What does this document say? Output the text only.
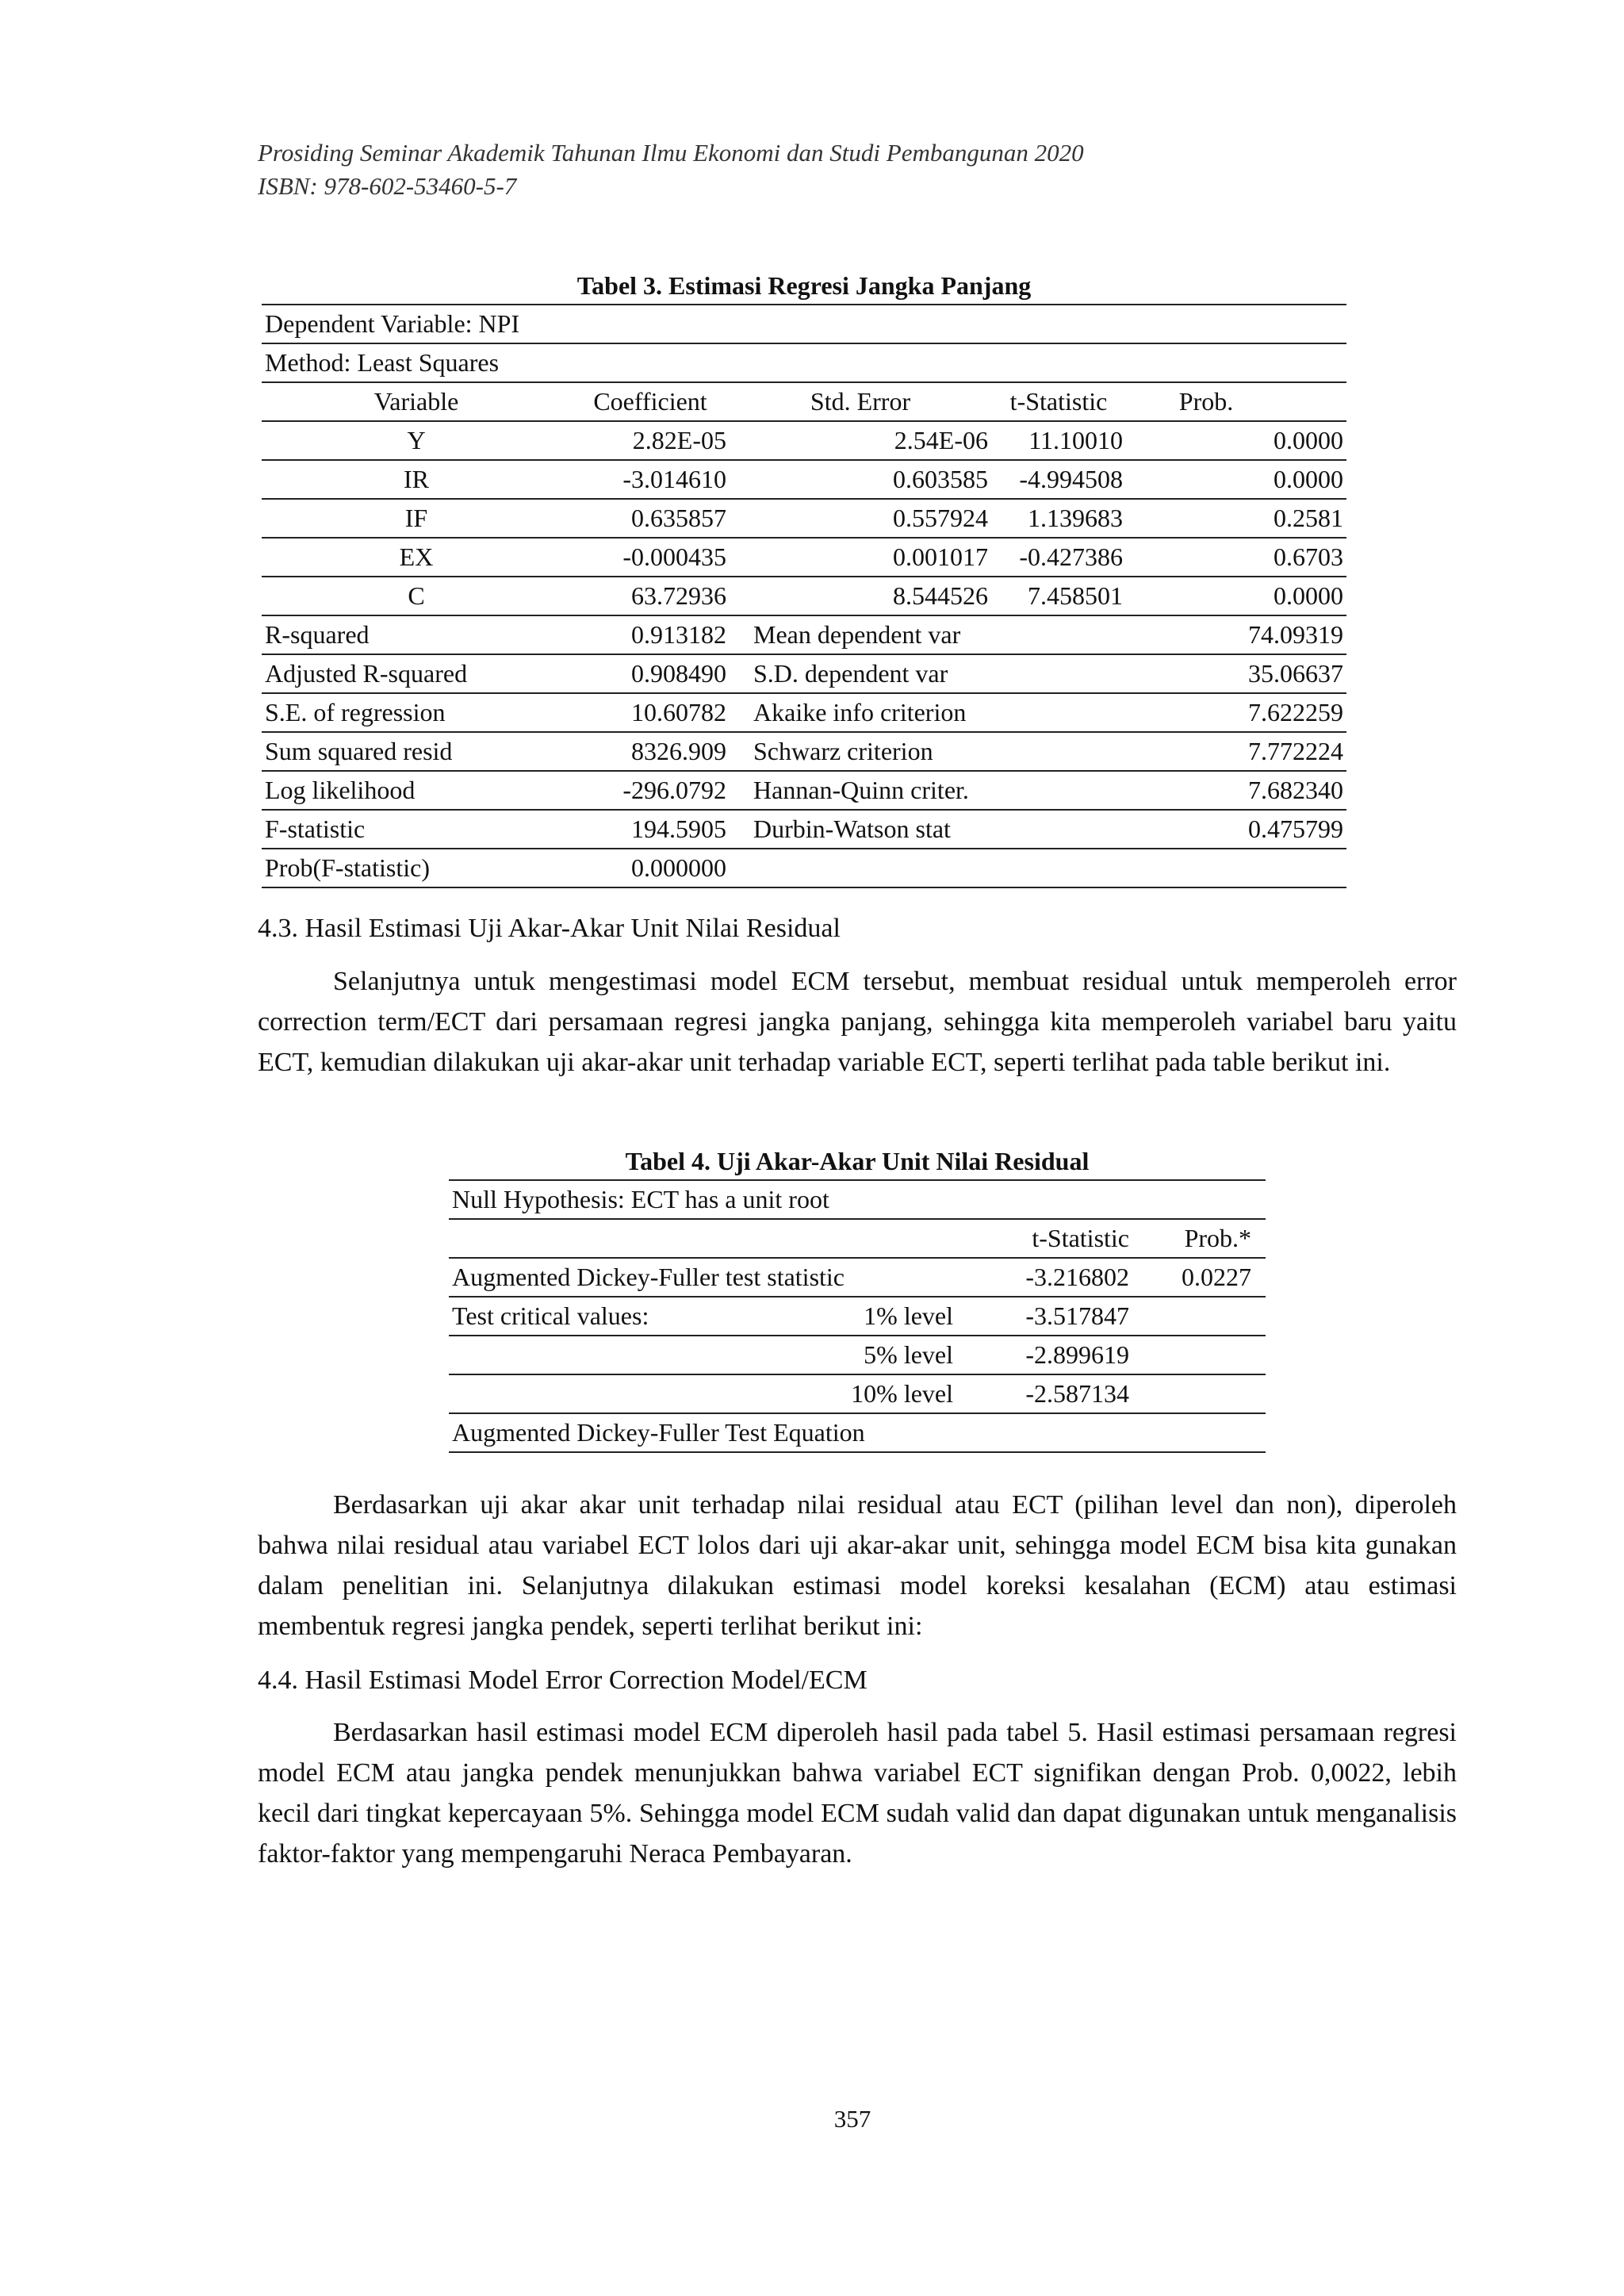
Prosiding Seminar Akademik Tahunan Ilmu Ekonomi dan Studi Pembangunan 2020
ISBN: 978-602-53460-5-7
Tabel 3. Estimasi Regresi Jangka Panjang
Dependent Variable: NPI				
Method: Least Squares				
Variable	Coefficient	Std. Error	t-Statistic	Prob.
Y	2.82E-05	2.54E-06	11.10010	0.0000
IR	-3.014610	0.603585	-4.994508	0.0000
IF	0.635857	0.557924	1.139683	0.2581
EX	-0.000435	0.001017	-0.427386	0.6703
C	63.72936	8.544526	7.458501	0.0000
R-squared	0.913182	Mean dependent var		74.09319
Adjusted R-squared	0.908490	S.D. dependent var		35.06637
S.E. of regression	10.60782	Akaike info criterion		7.622259
Sum squared resid	8326.909	Schwarz criterion		7.772224
Log likelihood	-296.0792	Hannan-Quinn criter.		7.682340
F-statistic	194.5905	Durbin-Watson stat		0.475799
Prob(F-statistic)	0.000000			
4.3. Hasil Estimasi Uji Akar-Akar Unit Nilai Residual

Selanjutnya untuk mengestimasi model ECM tersebut, membuat residual untuk memperoleh error correction term/ECT dari persamaan regresi jangka panjang, sehingga kita memperoleh variabel baru yaitu ECT, kemudian dilakukan uji akar-akar unit terhadap variable ECT, seperti terlihat pada table berikut ini.

Tabel 4. Uji Akar-Akar Unit Nilai Residual
Null Hypothesis: ECT has a unit root			
		t-Statistic	Prob.*
Augmented Dickey-Fuller test statistic		-3.216802	0.0227
Test critical values:	1% level	-3.517847	
	5% level	-2.899619	
	10% level	-2.587134	
Augmented Dickey-Fuller Test Equation			

Berdasarkan uji akar akar unit terhadap nilai residual atau ECT (pilihan level dan non), diperoleh bahwa nilai residual atau variabel ECT lolos dari uji akar-akar unit, sehingga model ECM bisa kita gunakan dalam penelitian ini. Selanjutnya dilakukan estimasi model koreksi kesalahan (ECM) atau estimasi membentuk regresi jangka pendek, seperti terlihat berikut ini:

4.4. Hasil Estimasi Model Error Correction Model/ECM

Berdasarkan hasil estimasi model ECM diperoleh hasil pada tabel 5. Hasil estimasi persamaan regresi model ECM atau jangka pendek menunjukkan bahwa variabel ECT signifikan dengan Prob. 0,0022, lebih kecil dari tingkat kepercayaan 5%. Sehingga model ECM sudah valid dan dapat digunakan untuk menganalisis faktor-faktor yang mempengaruhi Neraca Pembayaran.

357
